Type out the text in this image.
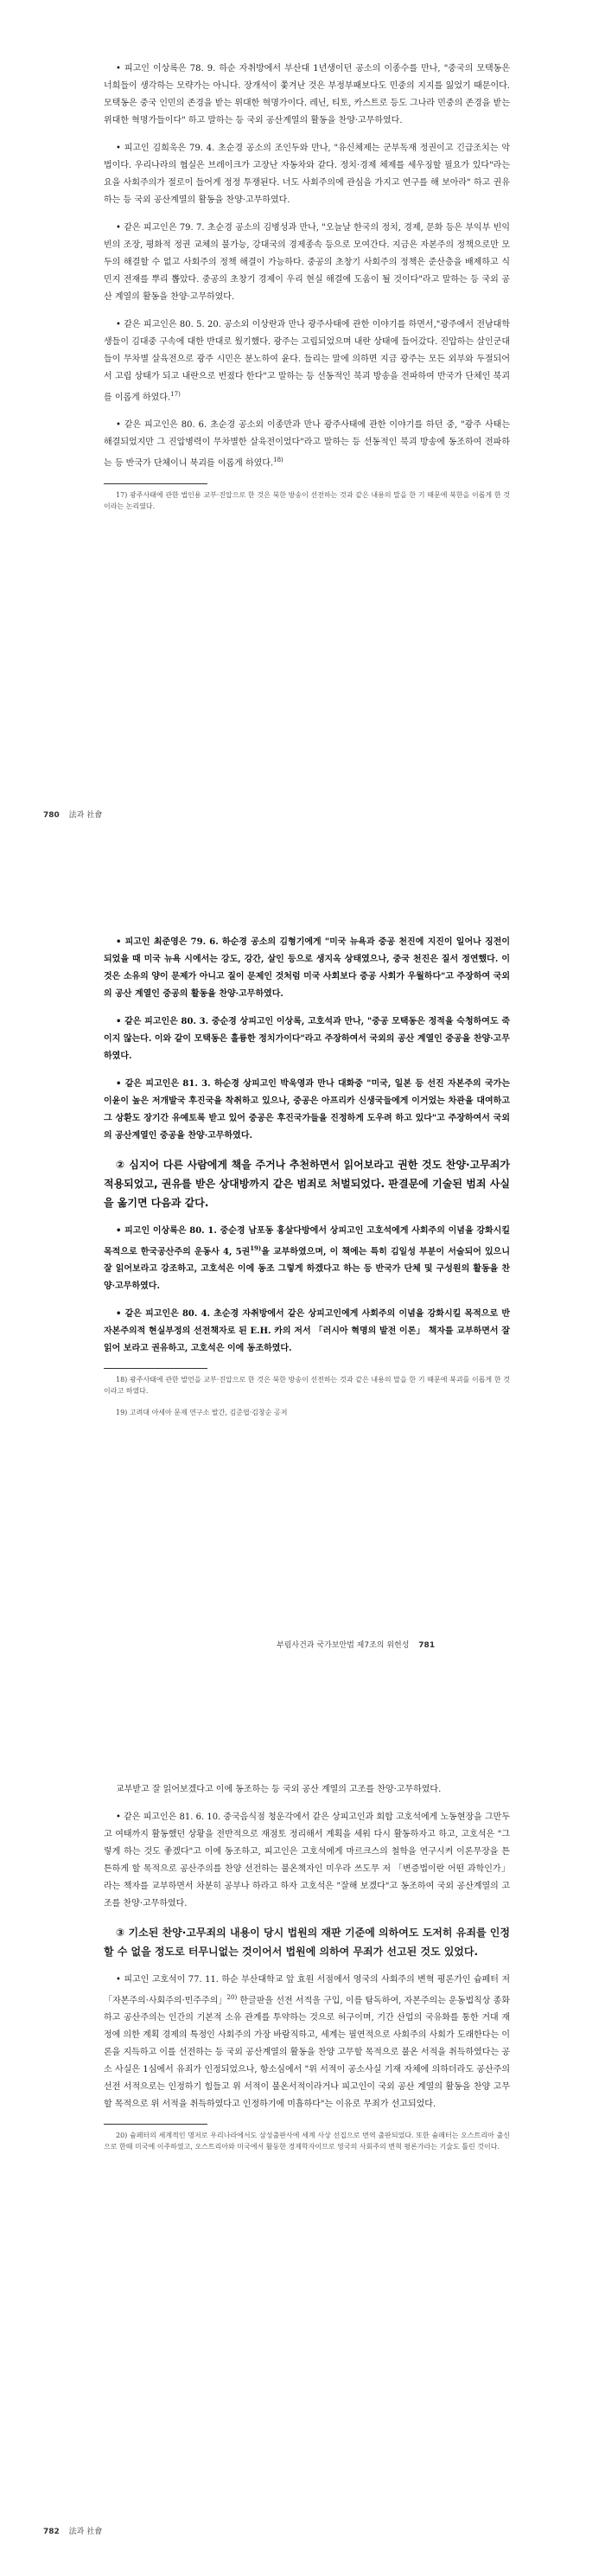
• 피고인 이상록은 78. 9. 하순 자취방에서 부산대 1년생이던 공소의 이종수를 만나, "중국의 모택동은 너희들이 생각하는 모략가는 아니다. 장개석이 쫓겨난 것은 부정부패보다도 민중의 지지를 잃었기 때문이다. 모택동은 중국 인민의 존경을 받는 위대한 혁명가이다. 레닌, 티토, 카스트로 등도 그나라 민중의 존경을 받는 위대한 혁명가들이다" 하고 말하는 등 국외 공산계열의 활동을 찬양·고무하였다.

• 피고인 김희욱은 79. 4. 초순경 공소의 조인두와 만나, "유신체제는 군부독재 정권이고 긴급조치는 악법이다. 우리나라의 협실은 브레이크가 고장난 자동차와 같다. 정치·경제 체제를 세우징할 필요가 있다"라는 요을 사회주의가 절로이 들어게 정정 투쟁된다. 너도 사회주의에 관심을 가지고 연구를 해 보아라" 하고 권유하는 등 국외 공산계열의 활동을 찬양·고무하였다.

• 같은 피고인은 79. 7. 초순경 공소의 김병성과 만나, "오늘날 한국의 정치, 경제, 문화 등은 부익부 빈익빈의 조장, 평화적 정권 교체의 불가능, 강대국의 경제종속 등으로 모여간다. 지금은 자본주의 정책으로만 모두의 해결할 수 없고 사회주의 정책 해결이 가능하다. 중공의 초창기 사회주의 정책은 준산층을 배제하고 식민지 전재를 뿌리 뽑았다. 중공의 초창기 경제이 우리 현실 해결에 도움이 될 것이다"라고 말하는 등 국외 공산 계열의 활동을 찬양·고무하였다.

• 같은 피고인은 80. 5. 20. 공소외 이상란과 만나 광주사태에 관한 이야기를 하면서,"광주에서 전남대학생들이 김대중 구속에 대한 반대로 웠기했다. 광주는 고립되었으며 내란 상태에 들어갔다. 진압하는 살인군대들이 무차별 살육전으로 광주 시민은 분노하여 윤다. 들리는 말에 의하면 지금 광주는 모든 외부와 두절되어서 고립 상태가 되고 내란으로 번졌다 한다"고 말하는 등 선동적인 북괴 방송을 전파하여 반국가 단체인 북괴를 이롭게 하였다.$^{17)}$

• 같은 피고인은 80. 6. 초순경 공소외 이종만과 만나 광주사태에 관한 이야기를 하던 중, "광주 사태는 해결되었지만 그 진압병력이 무차별한 살육전이었다"라고 말하는 등 선동적인 북괴 방송에 동조하여 전파하는 등 반국가 단체이니 북괴를 이롭게 하였다.$^{18)}$

17) 광주사태에 관한 법인용 교부·진압으로 한 것은 북한 방송이 선전하는 것과 같은 내용의 말을 한 기 때문에 북한을 이롭게 한 것이라는 논리였다.

780 法과 社會

• 피고인 최준영은 79. 6. 하순경 공소의 김형기에게 "미국 뉴욕과 중공 천진에 지진이 일어나 징전이 되었을 때 미국 뉴욕 시에서는 강도, 강간, 살인 등으로 생지옥 상태였으나, 중국 천진은 질서 정연했다. 이것은 소유의 양이 문제가 아니고 질이 문제인 것처럼 미국 사회보다 중공 사회가 우월하다"고 주장하여 국외의 공산 계열인 중공의 활동을 찬양·고무하였다.

• 같은 피고인은 80. 3. 중순경 상피고인 이상록, 고호석과 만나, "중공 모택동은 정적을 숙청하여도 죽이지 않는다. 이와 같이 모택동은 훌륭한 정치가이다"라고 주장하여서 국외의 공산 계열인 중공을 찬양·고무하였다.

• 같은 피고인은 81. 3. 하순경 상피고인 박욱영과 만나 대화중 "미국, 일본 등 선진 자본주의 국가는 이윤이 높은 저개발국 후진국을 착취하고 있으나, 중공은 아프리카 신생국들에게 이거었는 차관을 대여하고 그 상환도 장기간 유예토록 받고 있어 중공은 후진국가들을 진정하게 도우려 하고 있다"고 주장하여서 국외의 공산계열인 중공을 찬양·고무하였다.

② 심지어 다른 사람에게 책을 주거나 추천하면서 읽어보라고 권한 것도 찬양·고무죄가 적용되었고, 권유를 받은 상대방까지 같은 범죄로 처벌되었다. 판결문에 기술된 범죄 사실을 옮기면 다음과 같다.

• 피고인 이상록은 80. 1. 중순경 남포동 홍살다방에서 상피고인 고호석에게 사회주의 이념을 강화시킬 목적으로 한국공산주의 운동사 4, 5권$^{19)}$을 교부하였으며, 이 책에는 특히 김일성 부분이 서술되어 있으니 잘 읽어보라고 강조하고, 고호석은 이에 동조 그렇게 하겠다고 하는 등 반국가 단체 및 구성원의 활동을 찬양·고무하였다.

• 같은 피고인은 80. 4. 초순경 자취방에서 같은 상피고인에게 사회주의 이념을 강화시킬 목적으로 반자본주의적 현실부정의 선전책자로 된 E.H. 카의 저서 「러시아 혁명의 발전 이론」 책자를 교부하면서 잘 읽어 보라고 권유하고, 고호석은 이에 동조하였다.

18) 광주사태에 관한 발언을 교부·진압으로 한 것은 북한 방송이 선전하는 것과 같은 내용의 말을 한 기 때문에 북괴를 이롭게 한 것이라고 하였다.

19) 고려대 아세아 문제 연구소 발간, 김준엽·김창순 공저

부림사건과 국가보안법 제7조의 위헌성 781

교부받고 잘 읽어보겠다고 이에 동조하는 등 국외 공산 계열의 고조를 찬양·고무하였다.

• 같은 피고인은 81. 6. 10. 중국음식점 청운각에서 같은 상피고인과 회합 고호석에게 노동현장을 그만두고 여태까지 활동했던 상황을 전반적으로 재점토 정리해서 계획을 세워 다시 활동하자고 하고, 고호석은 "그렇게 하는 것도 좋겠다"고 이에 동조하고, 피고인은 고호석에게 마르크스의 철학을 연구시켜 이론무장을 튼튼하게 할 목적으로 공산주의를 찬양 선전하는 불온책자인 미우라 쓰도무 저 「변증법이란 어떤 과학인가」라는 책자를 교부하면서 차분히 공부나 하라고 하자 고호석은 "잘해 보겠다"고 동조하여 국외 공산계열의 고조를 찬양·고무하였다.

③ 기소된 찬양·고무죄의 내용이 당시 법원의 재판 기준에 의하여도 도저히 유죄를 인정할 수 없을 정도로 터무니없는 것이어서 법원에 의하여 무죄가 선고된 것도 있었다.

• 피고인 고호석이 77. 11. 하순 부산대학교 앞 효원 서점에서 영국의 사회주의 변혁 평론가인 슘페터 저 「자본주의·사회주의·민주주의」$^{20)}$ 한글판을 선전 서적을 구입, 이를 탐독하여, 자본주의는 운동법칙상 종화하고 공산주의는 인간의 기본적 소유 관계를 투약하는 것으로 허구이며, 기간 산업의 국유화를 통한 거대 재정에 의한 계획 경제의 특정인 사회주의 가장 바람직하고, 세계는 필연적으로 사회주의 사회가 도래한다는 이론을 지득하고 이를 선전하는 등 국외 공산계열의 활동을 찬양 고무할 목적으로 불온 서적을 취득하였다는 공소 사실은 1심에서 유죄가 인정되었으나, 항소심에서 "위 서적이 공소사실 기재 자체에 의하더라도 공산주의 선전 서적으로는 인정하기 힘들고 위 서적이 불온서적이라거나 피고인이 국외 공산 계열의 활동을 찬양 고무할 목적으로 위 서적을 취득하였다고 인정하기에 미흡하다"는 이유로 무죄가 선고되었다.

20) 슘페터의 세계적인 명저로 우리나라에서도 삼성출판사에 세계 사상 선집으로 번역 출판되었다. 또한 슘페터는 오스트리아 출신으로 한때 미국에 이주하였고, 오스트리아와 미국에서 활동한 경제학자이므로 영국의 사회주의 변혁 평론가라는 기술도 틀린 것이다.

782 法과 社會
